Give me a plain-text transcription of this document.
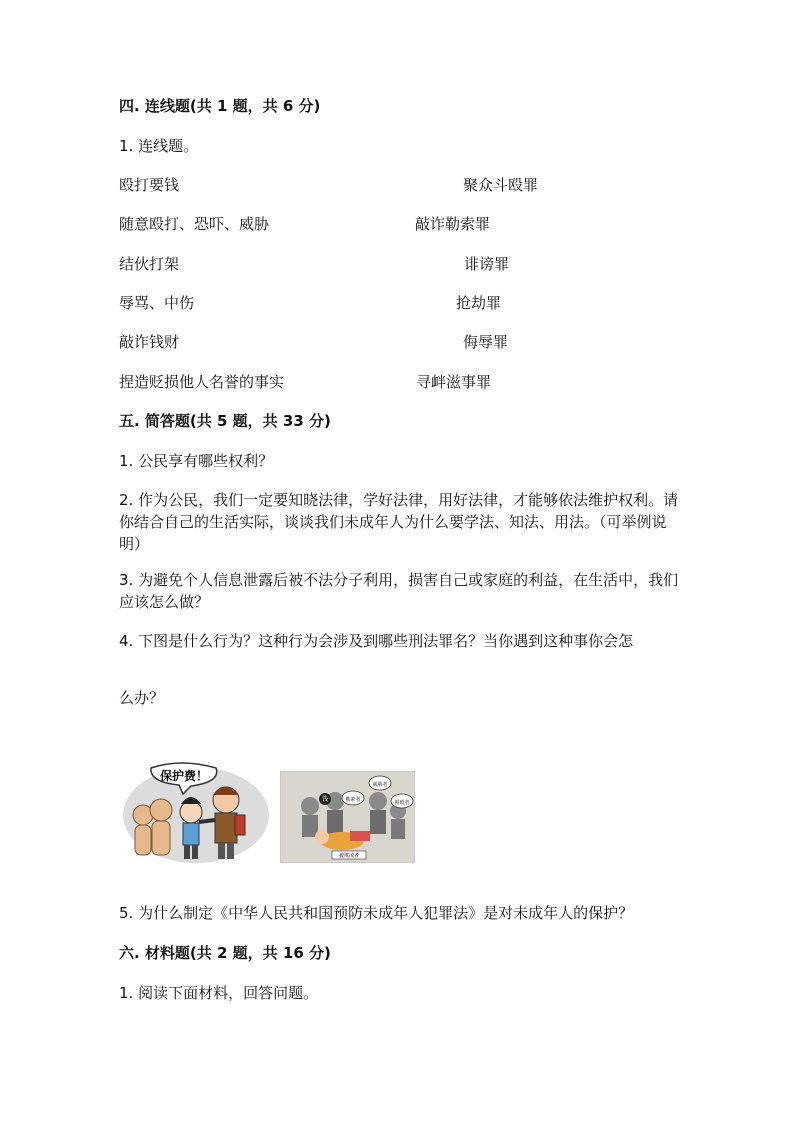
四. 连线题(共 1 题，共 6 分)
1. 连线题。
殴打要钱	聚众斗殴罪
随意殴打、恐吓、威胁	敲诈勒索罪
结伙打架	诽谤罪
辱骂、中伤	抢劫罪
敲诈钱财	侮辱罪
捏造贬损他人名誉的事实	寻衅滋事罪
五. 简答题(共 5 题，共 33 分)
1. 公民享有哪些权利？
2. 作为公民，我们一定要知晓法律，学好法律，用好法律，才能够依法维护权利。请你结合自己的生活实际，谈谈我们未成年人为什么要学法、知法、用法。（可举例说明）
3. 为避免个人信息泄露后被不法分子利用，损害自己或家庭的利益，在生活中，我们应该怎么做？
4. 下图是什么行为？这种行为会涉及到哪些刑法罪名？当你遇到这种事你会怎
么办？
保护费！
勒索者
威胁者
围殴者
钱
被欺凌者
5. 为什么制定《中华人民共和国预防未成年人犯罪法》是对未成年人的保护？
六. 材料题(共 2 题，共 16 分)
1. 阅读下面材料，回答问题。
